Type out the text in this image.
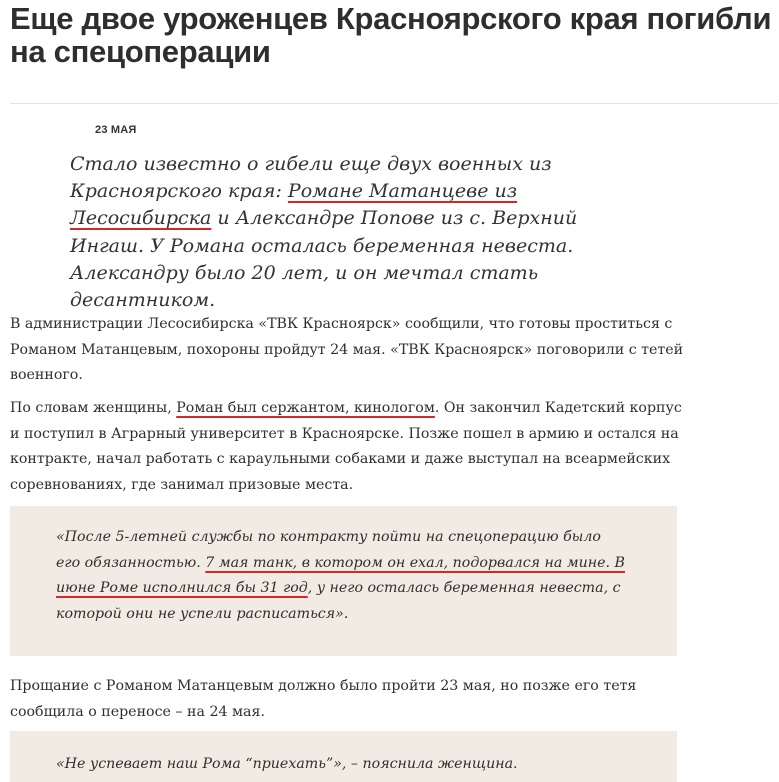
Еще двое уроженцев Красноярского края погибли на спецоперации
23 МАЯ

Стало известно о гибели еще двух военных из Красноярского края: Романе Матанцеве из Лесосибирска и Александре Попове из с. Верхний Ингаш. У Романа осталась беременная невеста. Александру было 20 лет, и он мечтал стать десантником.

В администрации Лесосибирска «ТВК Красноярск» сообщили, что готовы проститься с Романом Матанцевым, похороны пройдут 24 мая. «ТВК Красноярск» поговорили с тетей военного.

По словам женщины, Роман был сержантом, кинологом. Он закончил Кадетский корпус и поступил в Аграрный университет в Красноярске. Позже пошел в армию и остался на контракте, начал работать с караульными собаками и даже выступал на всеармейских соревнованиях, где занимал призовые места.

«После 5-летней службы по контракту пойти на спецоперацию было его обязанностью. 7 мая танк, в котором он ехал, подорвался на мине. В июне Роме исполнился бы 31 год, у него осталась беременная невеста, с которой они не успели расписаться».

Прощание с Романом Матанцевым должно было пройти 23 мая, но позже его тетя сообщила о переносе – на 24 мая.

«Не успевает наш Рома “приехать”», – пояснила женщина.
